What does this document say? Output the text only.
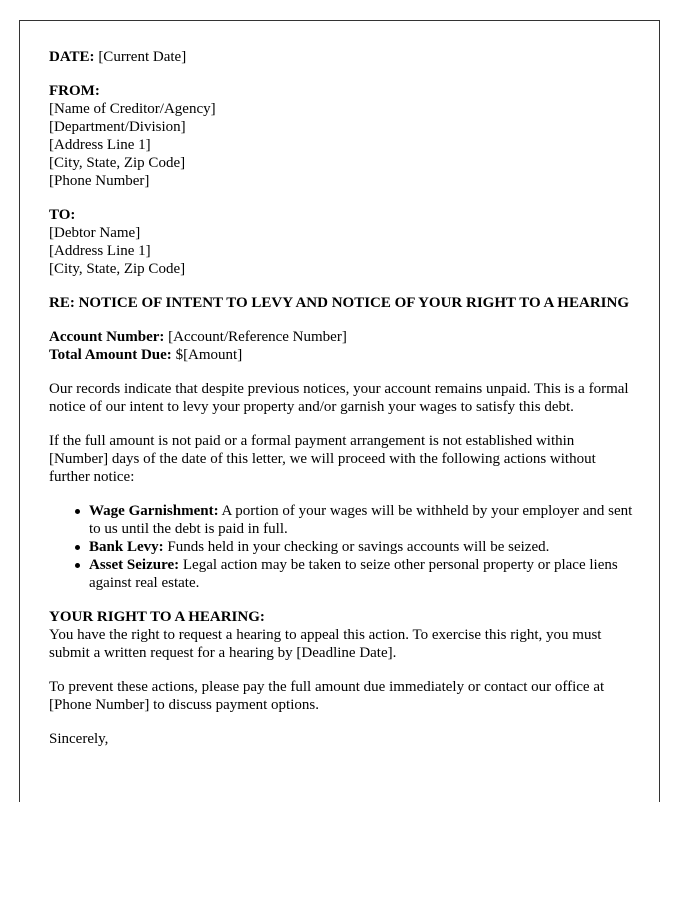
DATE: [Current Date]
FROM:
[Name of Creditor/Agency]
[Department/Division]
[Address Line 1]
[City, State, Zip Code]
[Phone Number]
TO:
[Debtor Name]
[Address Line 1]
[City, State, Zip Code]
RE: NOTICE OF INTENT TO LEVY AND NOTICE OF YOUR RIGHT TO A HEARING
Account Number: [Account/Reference Number]
Total Amount Due: $[Amount]

Our records indicate that despite previous notices, your account remains unpaid. This is a formal notice of our intent to levy your property and/or garnish your wages to satisfy this debt.

If the full amount is not paid or a formal payment arrangement is not established within [Number] days of the date of this letter, we will proceed with the following actions without further notice:

Wage Garnishment: A portion of your wages will be withheld by your employer and sent to us until the debt is paid in full.
Bank Levy: Funds held in your checking or savings accounts will be seized.
Asset Seizure: Legal action may be taken to seize other personal property or place liens against real estate.
YOUR RIGHT TO A HEARING:
You have the right to request a hearing to appeal this action. To exercise this right, you must submit a written request for a hearing by [Deadline Date].

To prevent these actions, please pay the full amount due immediately or contact our office at [Phone Number] to discuss payment options.

Sincerely,
